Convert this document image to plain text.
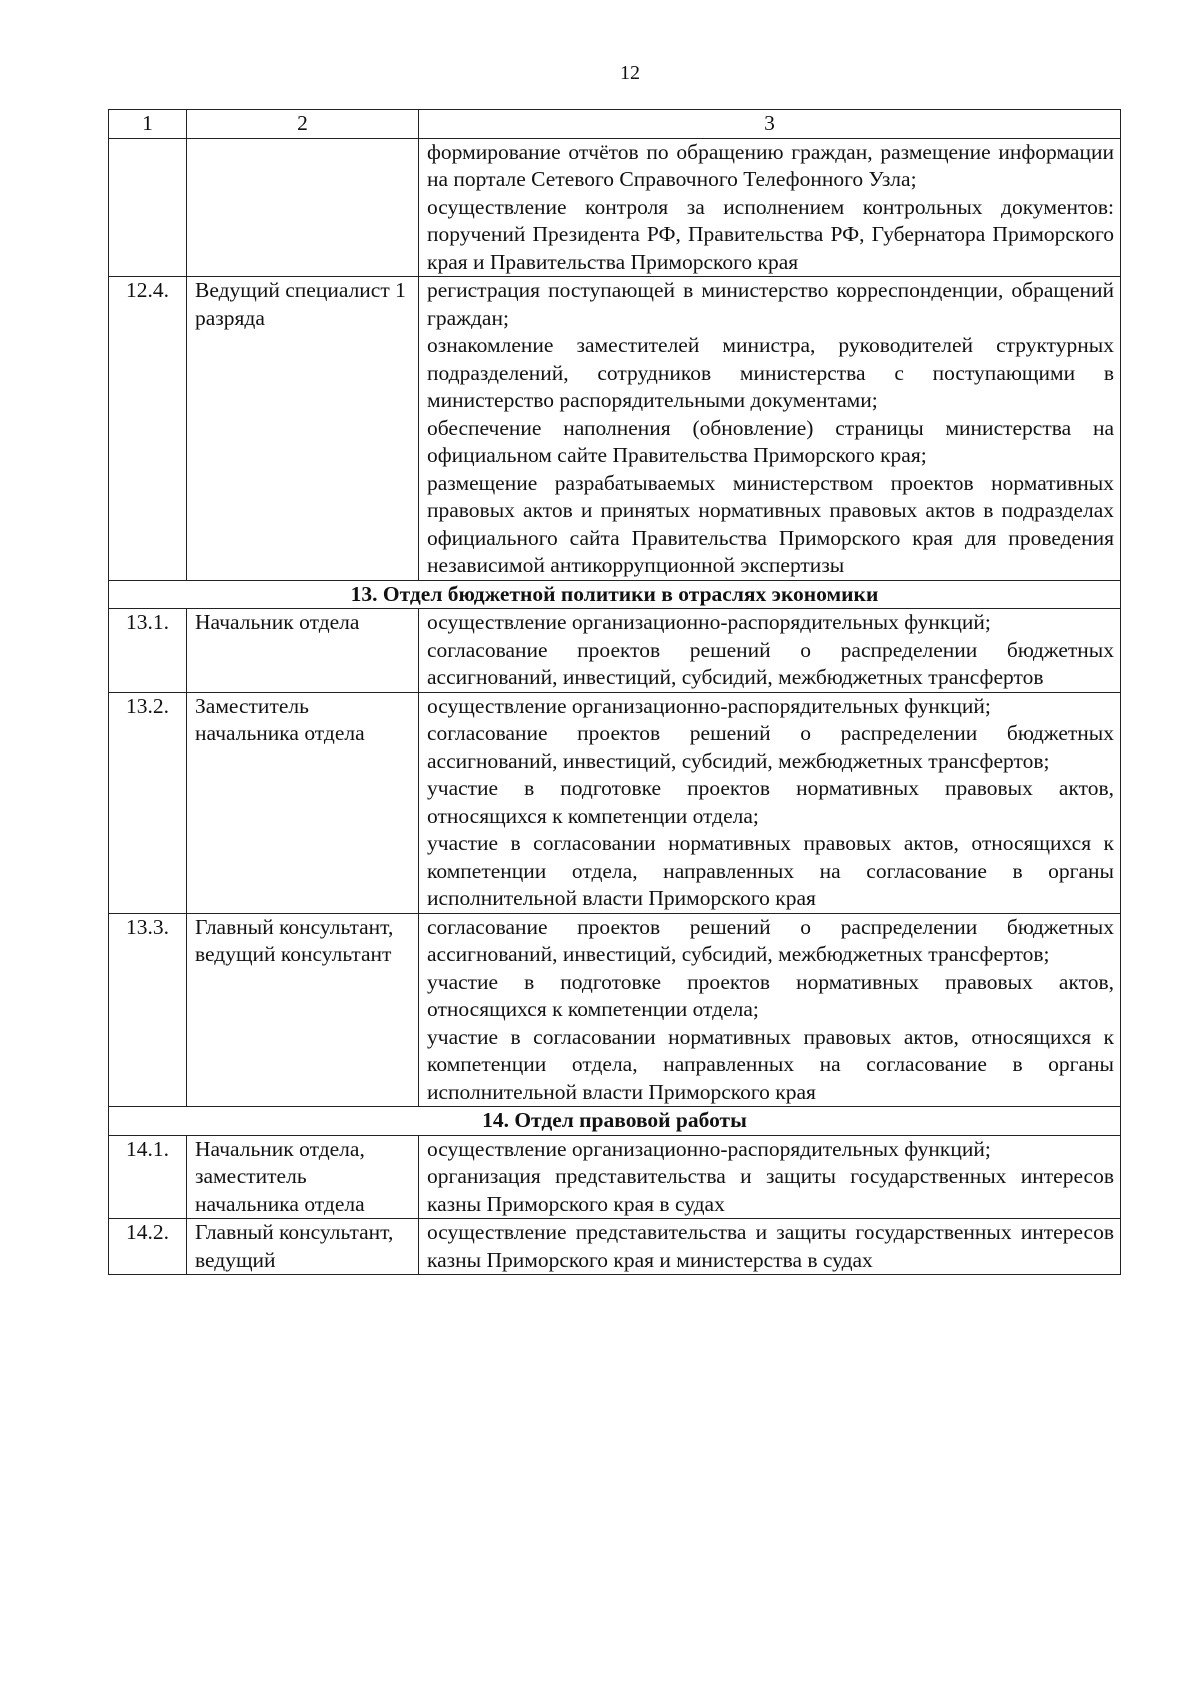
12
1	2	3

		формирование отчётов по обращению граждан, размещение информации на портале Сетевого Справочного Телефонного Узла;
осуществление контроля за исполнением контрольных документов: поручений Президента РФ, Правительства РФ, Губернатора Приморского края и Правительства Приморского края

12.4.	Ведущий специалист 1 разряда	регистрация поступающей в министерство корреспонденции, обращений граждан;
ознакомление заместителей министра, руководителей структурных подразделений, сотрудников министерства с поступающими в министерство распорядительными документами;
обеспечение наполнения (обновление) страницы министерства на официальном сайте Правительства Приморского края;
размещение разрабатываемых министерством проектов нормативных правовых актов и принятых нормативных правовых актов в подразделах официального сайта Правительства Приморского края для проведения независимой антикоррупционной экспертизы

13. Отдел бюджетной политики в отраслях экономики		
13.1.	Начальник отдела	осуществление организационно-распорядительных функций;
согласование проектов решений о распределении бюджетных ассигнований, инвестиций, субсидий, межбюджетных трансфертов

13.2.	Заместитель начальника отдела	осуществление организационно-распорядительных функций;
согласование проектов решений о распределении бюджетных ассигнований, инвестиций, субсидий, межбюджетных трансфертов;
участие в подготовке проектов нормативных правовых актов, относящихся к компетенции отдела;
участие в согласовании нормативных правовых актов, относящихся к компетенции отдела, направленных на согласование в органы исполнительной власти Приморского края

13.3.	Главный консультант, ведущий консультант	согласование проектов решений о распределении бюджетных ассигнований, инвестиций, субсидий, межбюджетных трансфертов;
участие в подготовке проектов нормативных правовых актов, относящихся к компетенции отдела;
участие в согласовании нормативных правовых актов, относящихся к компетенции отдела, направленных на согласование в органы исполнительной власти Приморского края

14. Отдел правовой работы		
14.1.	Начальник отдела, заместитель начальника отдела	осуществление организационно-распорядительных функций;
организация представительства и защиты государственных интересов казны Приморского края в судах

14.2.	Главный консультант, ведущий	осуществление представительства и защиты государственных интересов казны Приморского края и министерства в судах
